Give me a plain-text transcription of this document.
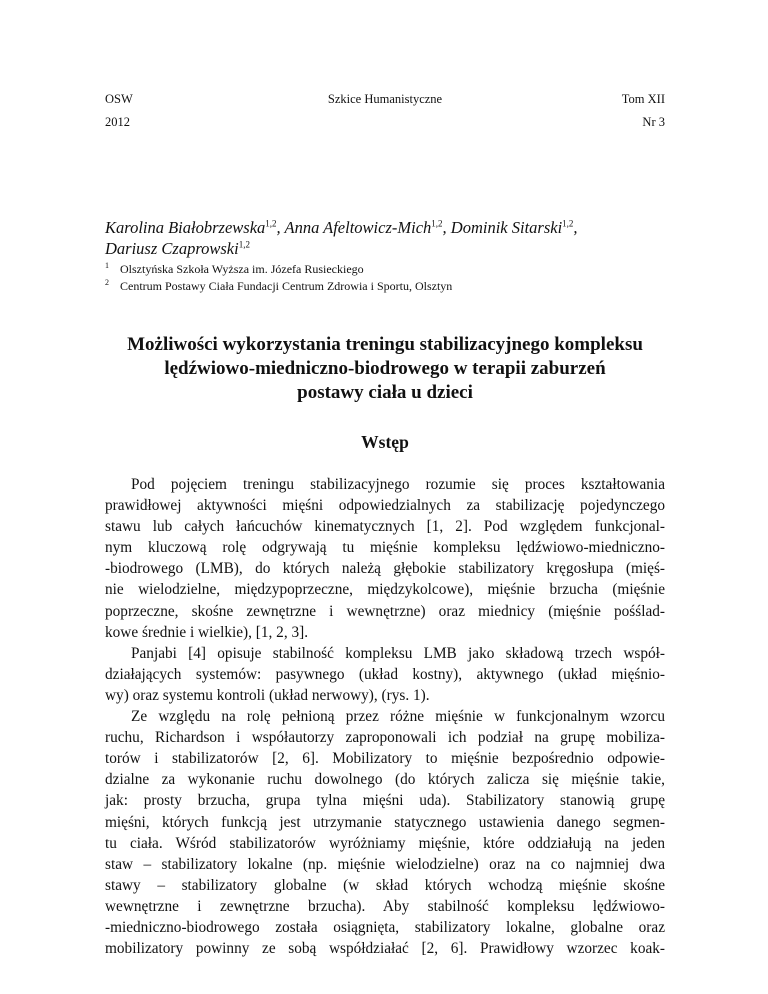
OSW	Szkice Humanistyczne	Tom XII
2012	Nr 3
Karolina Białobrzewska$^{1,2}$, Anna Afeltowicz-Mich$^{1,2}$, Dominik Sitarski$^{1,2}$,
Dariusz Czaprowski$^{1,2}$
1 Olsztyńska Szkoła Wyższa im. Józefa Rusieckiego
2 Centrum Postawy Ciała Fundacji Centrum Zdrowia i Sportu, Olsztyn
Możliwości wykorzystania treningu stabilizacyjnego kompleksu
lędźwiowo-miedniczno-biodrowego w terapii zaburzeń
postawy ciała u dzieci
Wstęp
Pod pojęciem treningu stabilizacyjnego rozumie się proces kształtowania
prawidłowej aktywności mięśni odpowiedzialnych za stabilizację pojedynczego
stawu lub całych łańcuchów kinematycznych [1, 2]. Pod względem funkcjonal-
nym kluczową rolę odgrywają tu mięśnie kompleksu lędźwiowo-miedniczno-
-biodrowego (LMB), do których należą głębokie stabilizatory kręgosłupa (mięś-
nie wielodzielne, międzypoprzeczne, międzykolcowe), mięśnie brzucha (mięśnie
poprzeczne, skośne zewnętrzne i wewnętrzne) oraz miednicy (mięśnie pośślad-
kowe średnie i wielkie), [1, 2, 3].
Panjabi [4] opisuje stabilność kompleksu LMB jako składową trzech współ-
działających systemów: pasywnego (układ kostny), aktywnego (układ mięśnio-
wy) oraz systemu kontroli (układ nerwowy), (rys. 1).
Ze względu na rolę pełnioną przez różne mięśnie w funkcjonalnym wzorcu
ruchu, Richardson i współautorzy zaproponowali ich podział na grupę mobiliza-
torów i stabilizatorów [2, 6]. Mobilizatory to mięśnie bezpośrednio odpowie-
dzialne za wykonanie ruchu dowolnego (do których zalicza się mięśnie takie,
jak: prosty brzucha, grupa tylna mięśni uda). Stabilizatory stanowią grupę
mięśni, których funkcją jest utrzymanie statycznego ustawienia danego segmen-
tu ciała. Wśród stabilizatorów wyróżniamy mięśnie, które oddziałują na jeden
staw – stabilizatory lokalne (np. mięśnie wielodzielne) oraz na co najmniej dwa
stawy – stabilizatory globalne (w skład których wchodzą mięśnie skośne
wewnętrzne i zewnętrzne brzucha). Aby stabilność kompleksu lędźwiowo-
-miedniczno-biodrowego została osiągnięta, stabilizatory lokalne, globalne oraz
mobilizatory powinny ze sobą współdziałać [2, 6]. Prawidłowy wzorzec koak-
